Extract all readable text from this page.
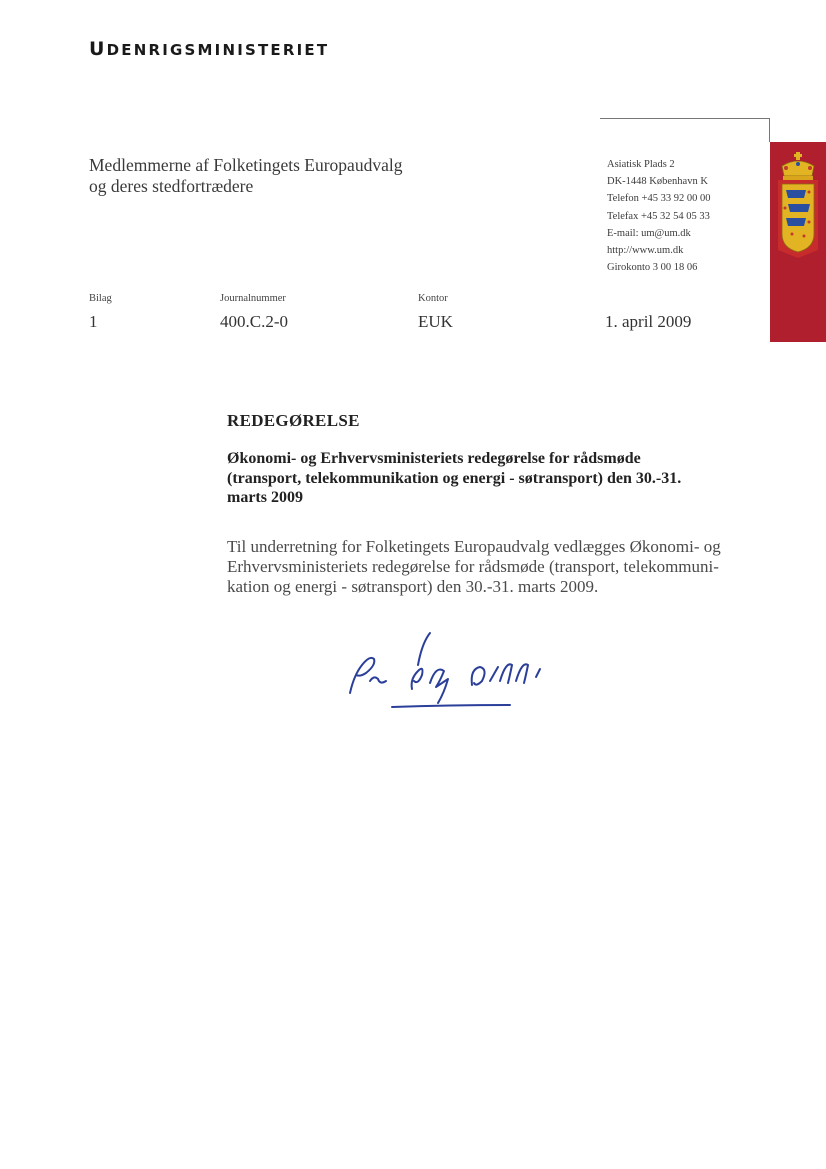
UDENRIGSMINISTERIET
Medlemmerne af Folketingets Europaudvalg
og deres stedfortrædere
Asiatisk Plads 2
DK-1448 København K
Telefon +45 33 92 00 00
Telefax +45 32 54 05 33
E-mail: um@um.dk
http://www.um.dk
Girokonto 3 00 18 06
Bilag
1
Journalnummer
400.C.2-0
Kontor
EUK	1. april 2009
REDEGØRELSE
Økonomi- og Erhvervsministeriets redegørelse for rådsmøde
(transport, telekommunikation og energi - søtransport) den 30.-31.
marts 2009
Til underretning for Folketingets Europaudvalg vedlægges Økonomi- og
Erhvervsministeriets redegørelse for rådsmøde (transport, telekommuni-
kation og energi - søtransport) den 30.-31. marts 2009.
